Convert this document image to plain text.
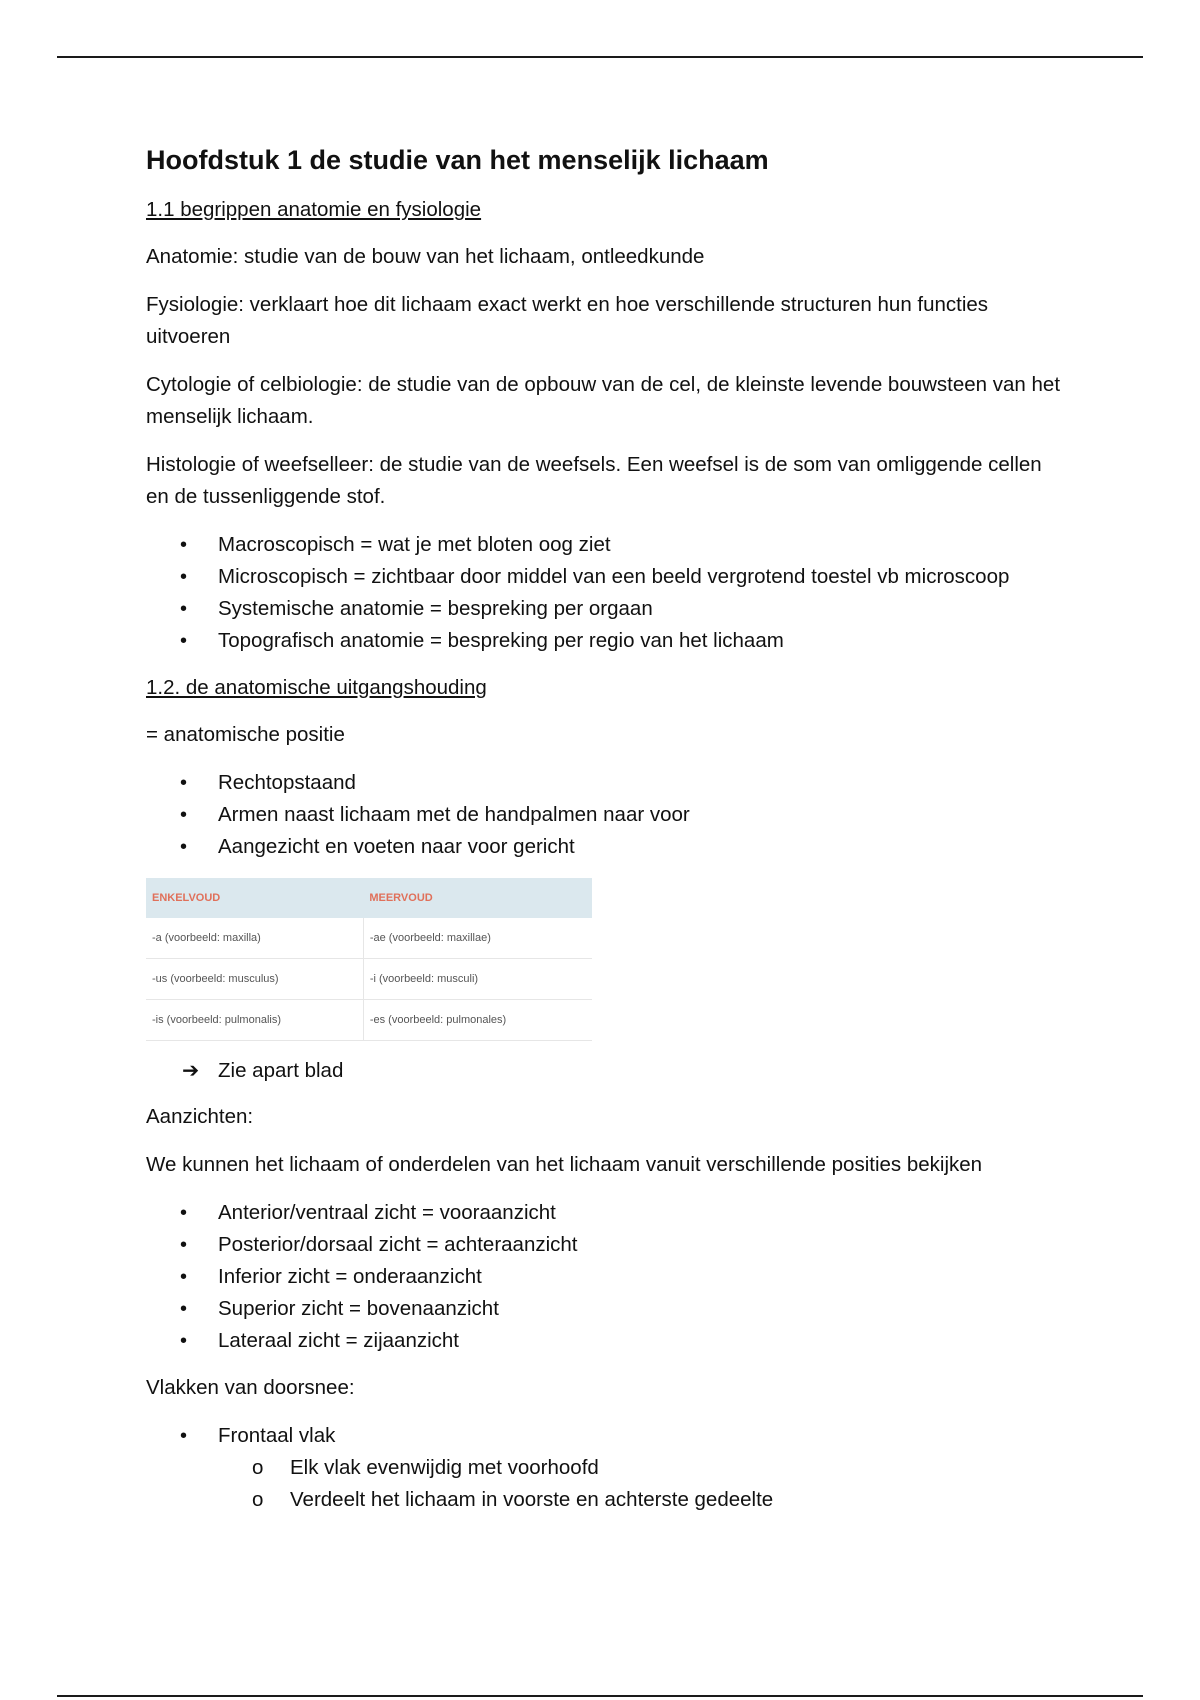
Hoofdstuk 1 de studie van het menselijk lichaam
1.1 begrippen anatomie en fysiologie

Anatomie: studie van de bouw van het lichaam, ontleedkunde

Fysiologie: verklaart hoe dit lichaam exact werkt en hoe verschillende structuren hun functies uitvoeren

Cytologie of celbiologie: de studie van de opbouw van de cel, de kleinste levende bouwsteen van het menselijk lichaam.

Histologie of weefselleer: de studie van de weefsels. Een weefsel is de som van omliggende cellen en de tussenliggende stof.

• Macroscopisch = wat je met bloten oog ziet
• Microscopisch = zichtbaar door middel van een beeld vergrotend toestel vb microscoop
• Systemische anatomie = bespreking per orgaan
• Topografisch anatomie = bespreking per regio van het lichaam
1.2. de anatomische uitgangshouding

= anatomische positie

• Rechtopstaand
• Armen naast lichaam met de handpalmen naar voor
• Aangezicht en voeten naar voor gericht
ENKELVOUD	MEERVOUD
-a (voorbeeld: maxilla)	-ae (voorbeeld: maxillae)
-us (voorbeeld: musculus)	-i (voorbeeld: musculi)
-is (voorbeeld: pulmonalis)	-es (voorbeeld: pulmonales)
➔ Zie apart blad

Aanzichten:

We kunnen het lichaam of onderdelen van het lichaam vanuit verschillende posities bekijken

• Anterior/ventraal zicht = vooraanzicht
• Posterior/dorsaal zicht = achteraanzicht
• Inferior zicht = onderaanzicht
• Superior zicht = bovenaanzicht
• Lateraal zicht = zijaanzicht

Vlakken van doorsnee:

• Frontaal vlak
o Elk vlak evenwijdig met voorhoofd
o Verdeelt het lichaam in voorste en achterste gedeelte
